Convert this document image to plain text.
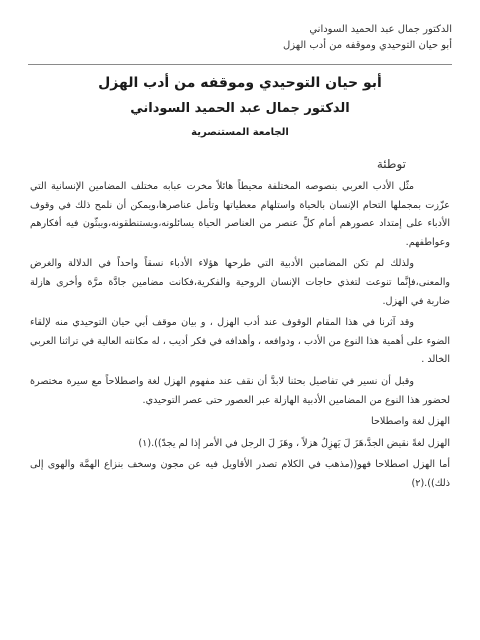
الدكتور جمال عبد الحميد السوداني
أبو حيان التوحيدي وموقفه من أدب الهزل
أبو حيان التوحيدي وموقفه من أدب الهزل
الدكتور جمال عبد الحميد السوداني
الجامعة المستنصرية
توطئة

مثّل الأدب العربي بنصوصه المختلفة محيطاً هائلاً مخرت عبابه مختلف المضامين الإنسانية التي عزّزت بمجملها التحام الإنسان بالحياة واستلهام معطياتها وتأمل عناصرها،ويمكن أن نلمح ذلك في وقوف الأدباء على إمتداد عصورهم أمام كلِّ عنصر من العناصر الحياة يسائلونه،ويستنطقونه،ويبثّون فيه أفكارهم وعواطفهم.

ولذلك لم تكن المضامين الأدبية التي طرحها هؤلاء الأدباء نسقاً واحداً في الدلالة والغرض والمعنى،فإنَّما تنوعت لتغذي حاجات الإنسان الروحية والفكرية،فكانت مضامين جادَّة مرَّة وأخرى هازلة ضاربة في الهزل.

وقد آثرنا في هذا المقام الوقوف عند أدب الهزل ، و بيان موقف أبي حيان التوحيدي منه لإلقاء الضوء على أهمية هذا النوع من الأدب ، ودوافعه ، وأهدافه في فكر أديب ، له مكانته العالية في تراثنا العربي الخالد .

وقبل أن نسير في تفاصيل بحثنا لابدَّ أن نقف عند مفهوم الهزل لغة واصطلاحاً مع سيرة مختصرة لحضور هذا النوع من المضامين الأدبية الهازلة عبر العصور حتى عصر التوحيدي.

الهزل لغة واصطلاحا

الهزل لغةً نقيض الجدَّ،هَزَ لَ يَهزِلُ هزلاً ، وهَزَ لَ الرجل في الأمر إذا لم يجدّ)).(١)

أما الهزل اصطلاحا فهو((مذهب في الكلام تصدر الأقاويل فيه عن مجون وسخف بنزاع الهمَّة والهوى إلى ذلك)).(٢)
